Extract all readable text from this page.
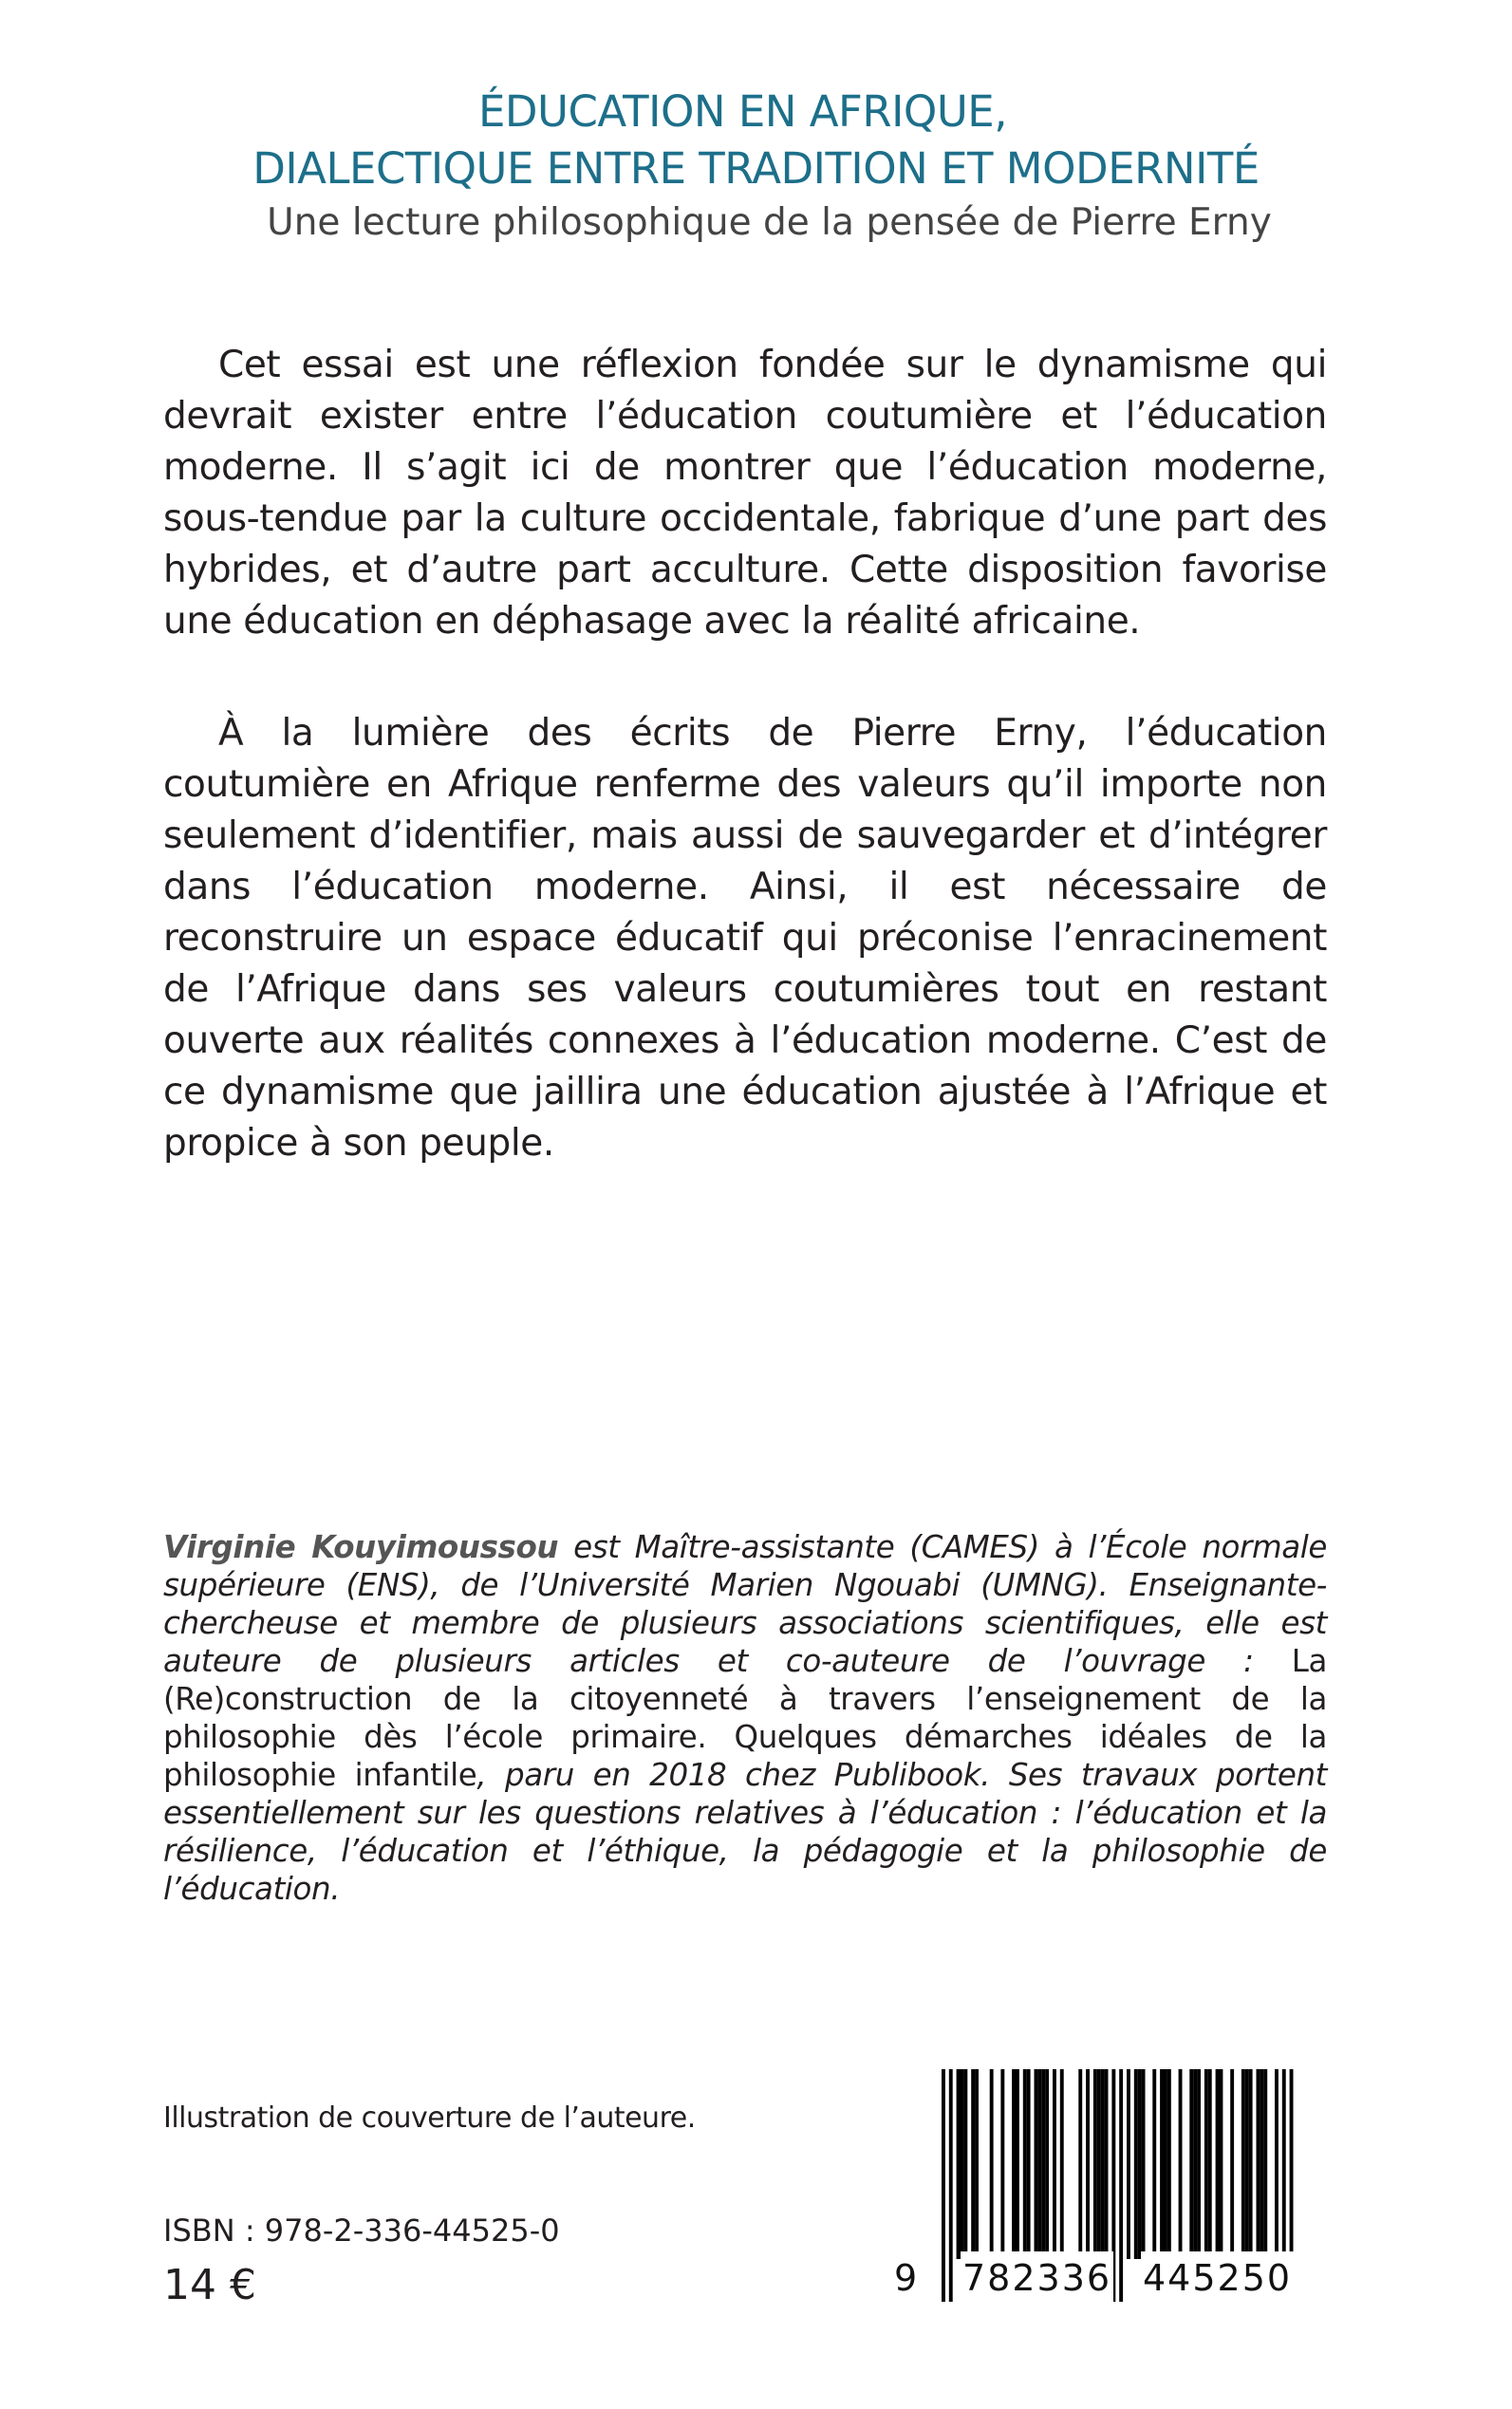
ÉDUCATION EN AFRIQUE,
DIALECTIQUE ENTRE TRADITION ET MODERNITÉ
Une lecture philosophique de la pensée de Pierre Erny

Cet essai est une réflexion fondée sur le dynamisme qui devrait exister entre l’éducation coutumière et l’éducation moderne. Il s’agit ici de montrer que l’éducation moderne, sous-tendue par la culture occidentale, fabrique d’une part des hybrides, et d’autre part acculture. Cette disposition favorise une éducation en déphasage avec la réalité africaine.

À la lumière des écrits de Pierre Erny, l’éducation coutumière en Afrique renferme des valeurs qu’il importe non seulement d’identifier, mais aussi de sauvegarder et d’intégrer dans l’éducation moderne. Ainsi, il est nécessaire de reconstruire un espace éducatif qui préconise l’enracinement de l’Afrique dans ses valeurs coutumières tout en restant ouverte aux réalités connexes à l’éducation moderne. C’est de ce dynamisme que jaillira une éducation ajustée à l’Afrique et propice à son peuple.

Virginie Kouyimoussou est Maître-assistante (CAMES) à l’École normale supérieure (ENS), de l’Université Marien Ngouabi (UMNG). Enseignante-chercheuse et membre de plusieurs associations scientifiques, elle est auteure de plusieurs articles et co-auteure de l’ouvrage : La (Re)construction de la citoyenneté à travers l’enseignement de la philosophie dès l’école primaire. Quelques démarches idéales de la philosophie infantile, paru en 2018 chez Publibook. Ses travaux portent essentiellement sur les questions relatives à l’éducation : l’éducation et la résilience, l’éducation et l’éthique, la pédagogie et la philosophie de l’éducation.

Illustration de couverture de l’auteure.
ISBN : 978-2-336-44525-0
14 €	9 782336 445250
